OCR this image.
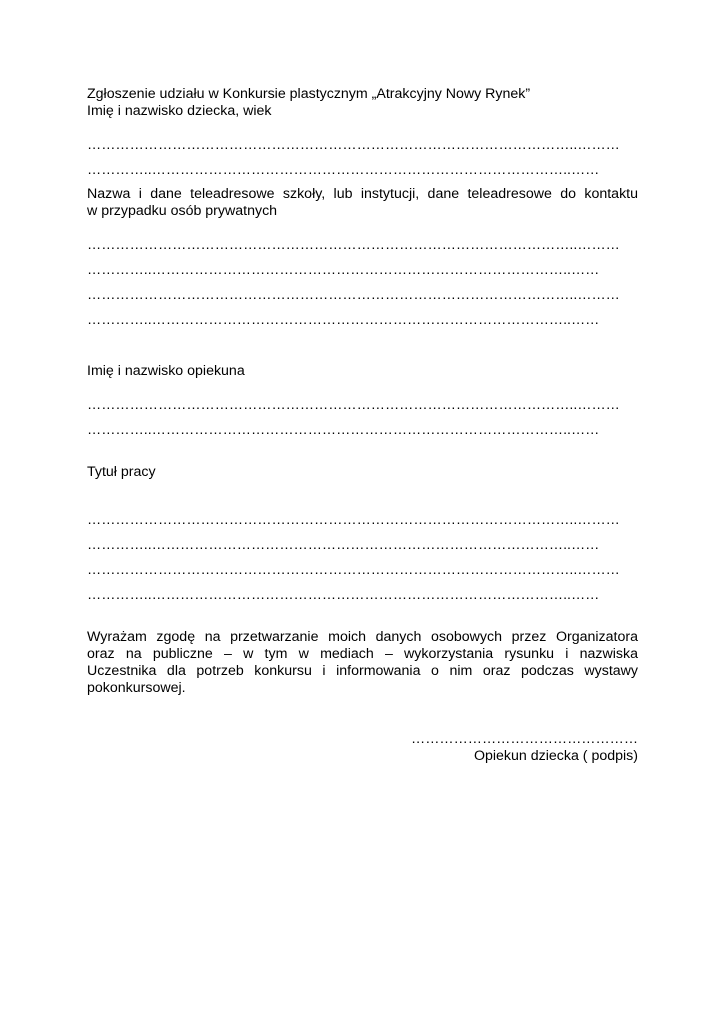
Zgłoszenie udziału w Konkursie plastycznym „Atrakcyjny Nowy Rynek”
Imię i nazwisko dziecka, wiek
…………………………………………………………………………………………..………
…………..……………………………………………………………………………..……
Nazwa i dane teleadresowe szkoły, lub instytucji, dane teleadresowe do kontaktu
w przypadku osób prywatnych
…………………………………………………………………………………………..………
…………..……………………………………………………………………………..……
…………………………………………………………………………………………..………
…………..……………………………………………………………………………..……
Imię i nazwisko opiekuna
…………………………………………………………………………………………..………
…………..……………………………………………………………………………..……
Tytuł pracy
…………………………………………………………………………………………..………
…………..……………………………………………………………………………..……
…………………………………………………………………………………………..………
…………..……………………………………………………………………………..……
Wyrażam zgodę na przetwarzanie moich danych osobowych przez Organizatora
oraz na publiczne – w tym w mediach – wykorzystania rysunku i nazwiska
Uczestnika dla potrzeb konkursu i informowania o nim oraz podczas wystawy
pokonkursowej.
…………………………………………
Opiekun dziecka ( podpis)
